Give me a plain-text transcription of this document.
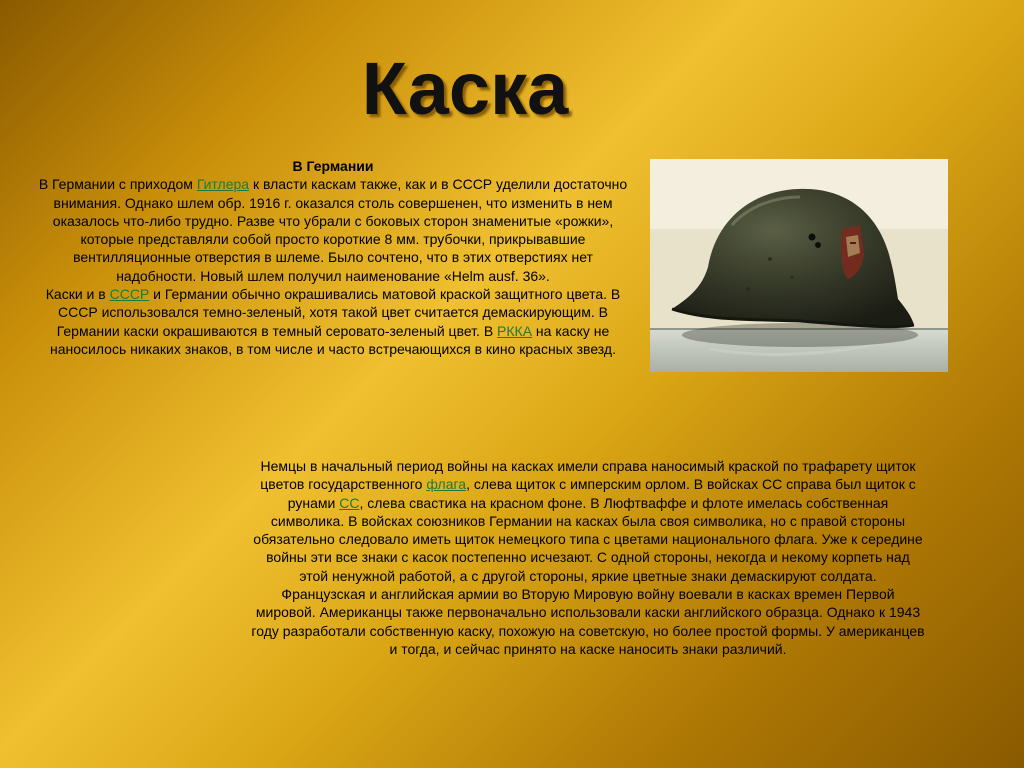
Каска
В Германии
В Германии с приходом Гитлера к власти каскам также, как и в СССР уделили достаточно внимания. Однако шлем обр. 1916 г. оказался столь совершенен, что изменить в нем оказалось что-либо трудно. Разве что убрали с боковых сторон знаменитые «рожки», которые представляли собой просто короткие 8 мм. трубочки, прикрывавшие вентилляционные отверстия в шлеме. Было сочтено, что в этих отверстиях нет надобности. Новый шлем получил наименование «Helm ausf. 36».
Каски и в СССР и Германии обычно окрашивались матовой краской защитного цвета. В СССР использовался темно-зеленый, хотя такой цвет считается демаскирующим. В Германии каски окрашиваются в темный серовато-зеленый цвет. В РККА на каску не наносилось никаких знаков, в том числе и часто встречающихся в кино красных звезд.
Немцы в начальный период войны на касках имели справа наносимый краской по трафарету щиток цветов государственного флага, слева щиток с имперским орлом. В войсках СС справа был щиток с рунами СС, слева свастика на красном фоне. В Люфтваффе и флоте имелась собственная символика. В войсках союзников Германии на касках была своя символика, но с правой стороны обязательно следовало иметь щиток немецкого типа с цветами национального флага. Уже к середине войны эти все знаки с касок постепенно исчезают. С одной стороны, некогда и некому корпеть над этой ненужной работой, а с другой стороны, яркие цветные знаки демаскируют солдата.
Французская и английская армии во Вторую Мировую войну воевали в касках времен Первой мировой. Американцы также первоначально использовали каски английского образца. Однако к 1943 году разработали собственную каску, похожую на советскую, но более простой формы. У американцев и тогда, и сейчас принято на каске наносить знаки различий.
